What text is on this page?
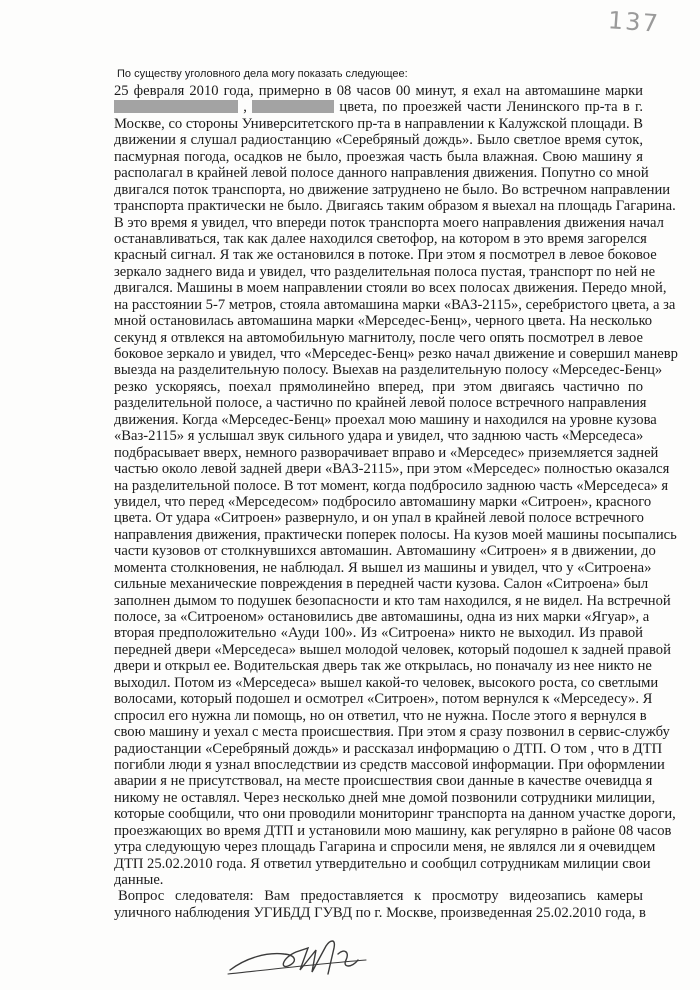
137
По существу уголовного дела могу показать следующее:
25 февраля 2010 года, примерно в 08 часов 00 минут, я ехал на автомашине марки
,	цвета, по проезжей части Ленинского пр-та в г.
Москве, со стороны Университетского пр-та в направлении к Калужской площади. В
движении я слушал радиостанцию «Серебряный дождь». Было светлое время суток,
пасмурная погода, осадков не было, проезжая часть была влажная. Свою машину я
располагал в крайней левой полосе данного направления движения. Попутно со мной
двигался поток транспорта, но движение затруднено не было. Во встречном направлении
транспорта практически не было. Двигаясь таким образом я выехал на площадь Гагарина.
В это время я увидел, что впереди поток транспорта моего направления движения начал
останавливаться, так как далее находился светофор, на котором в это время загорелся
красный сигнал. Я так же остановился в потоке. При этом я посмотрел в левое боковое
зеркало заднего вида и увидел, что разделительная полоса пустая, транспорт по ней не
двигался. Машины в моем направлении стояли во всех полосах движения. Передо мной,
на расстоянии 5-7 метров, стояла автомашина марки «ВАЗ-2115», серебристого цвета, а за
мной остановилась автомашина марки «Мерседес-Бенц», черного цвета. На несколько
секунд я отвлекся на автомобильную магнитолу, после чего опять посмотрел в левое
боковое зеркало и увидел, что «Мерседес-Бенц» резко начал движение и совершил маневр
выезда на разделительную полосу. Выехав на разделительную полосу «Мерседес-Бенц»
резко ускоряясь, поехал прямолинейно вперед, при этом двигаясь частично по
разделительной полосе, а частично по крайней левой полосе встречного направления
движения. Когда «Мерседес-Бенц» проехал мою машину и находился на уровне кузова
«Ваз-2115» я услышал звук сильного удара и увидел, что заднюю часть «Мерседеса»
подбрасывает вверх, немного разворачивает вправо и «Мерседес» приземляется задней
частью около левой задней двери «ВАЗ-2115», при этом «Мерседес» полностью оказался
на разделительной полосе. В тот момент, когда подбросило заднюю часть «Мерседеса» я
увидел, что перед «Мерседесом» подбросило автомашину марки «Ситроен», красного
цвета. От удара «Ситроен» развернуло, и он упал в крайней левой полосе встречного
направления движения, практически поперек полосы. На кузов моей машины посыпались
части кузовов от столкнувшихся автомашин. Автомашину «Ситроен» я в движении, до
момента столкновения, не наблюдал. Я вышел из машины и увидел, что у «Ситроена»
сильные механические повреждения в передней части кузова. Салон «Ситроена» был
заполнен дымом то подушек безопасности и кто там находился, я не видел. На встречной
полосе, за «Ситроеном» остановились две автомашины, одна из них марки «Ягуар», а
вторая предположительно «Ауди 100». Из «Ситроена» никто не выходил. Из правой
передней двери «Мерседеса» вышел молодой человек, который подошел к задней правой
двери и открыл ее. Водительская дверь так же открылась, но поначалу из нее никто не
выходил. Потом из «Мерседеса» вышел какой-то человек, высокого роста, со светлыми
волосами, который подошел и осмотрел «Ситроен», потом вернулся к «Мерседесу». Я
спросил его нужна ли помощь, но он ответил, что не нужна. После этого я вернулся в
свою машину и уехал с места происшествия. При этом я сразу позвонил в сервис-службу
радиостанции «Серебряный дождь» и рассказал информацию о ДТП. О том , что в ДТП
погибли люди я узнал впоследствии из средств массовой информации. При оформлении
аварии я не присутствовал, на месте происшествия свои данные в качестве очевидца я
никому не оставлял. Через несколько дней мне домой позвонили сотрудники милиции,
которые сообщили, что они проводили мониторинг транспорта на данном участке дороги,
проезжающих во время ДТП и установили мою машину, как регулярно в районе 08 часов
утра следующую через площадь Гагарина и спросили меня, не являлся ли я очевидцем
ДТП 25.02.2010 года. Я ответил утвердительно и сообщил сотрудникам милиции свои
данные.
Вопрос следователя: Вам предоставляется к просмотру видеозапись камеры
уличного наблюдения УГИБДД ГУВД по г. Москве, произведенная 25.02.2010 года, в
